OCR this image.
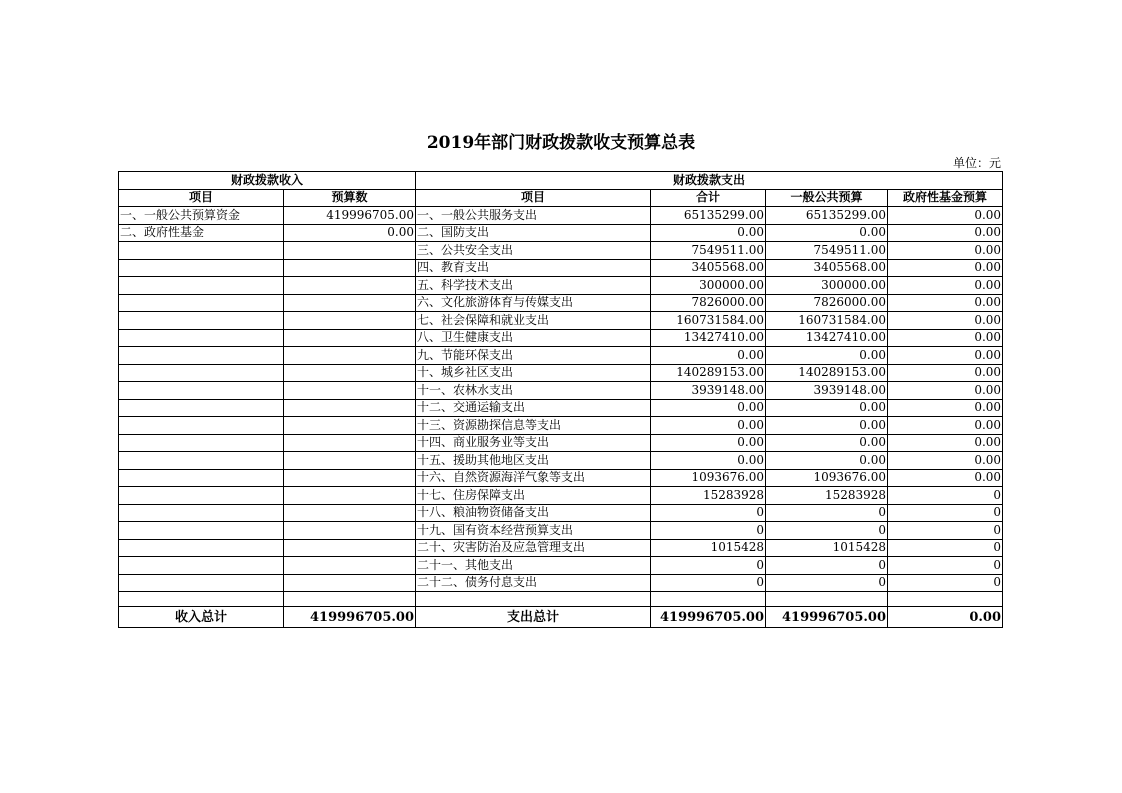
2019年部门财政拨款收支预算总表
单位：元
财政拨款收入		财政拨款支出			
项目	预算数	项目	合计	一般公共预算	政府性基金预算
一、一般公共预算资金	419996705.00	一、一般公共服务支出	65135299.00	65135299.00	0.00
二、政府性基金	0.00	二、国防支出	0.00	0.00	0.00
		三、公共安全支出	7549511.00	7549511.00	0.00
		四、教育支出	3405568.00	3405568.00	0.00
		五、科学技术支出	300000.00	300000.00	0.00
		六、文化旅游体育与传媒支出	7826000.00	7826000.00	0.00
		七、社会保障和就业支出	160731584.00	160731584.00	0.00
		八、卫生健康支出	13427410.00	13427410.00	0.00
		九、节能环保支出	0.00	0.00	0.00
		十、城乡社区支出	140289153.00	140289153.00	0.00
		十一、农林水支出	3939148.00	3939148.00	0.00
		十二、交通运输支出	0.00	0.00	0.00
		十三、资源勘探信息等支出	0.00	0.00	0.00
		十四、商业服务业等支出	0.00	0.00	0.00
		十五、援助其他地区支出	0.00	0.00	0.00
		十六、自然资源海洋气象等支出	1093676.00	1093676.00	0.00
		十七、住房保障支出	15283928	15283928	0
		十八、粮油物资储备支出	0	0	0
		十九、国有资本经营预算支出	0	0	0
		二十、灾害防治及应急管理支出	1015428	1015428	0
		二十一、其他支出	0	0	0
		二十二、债务付息支出	0	0	0

收入总计	419996705.00	支出总计	419996705.00	419996705.00	0.00
